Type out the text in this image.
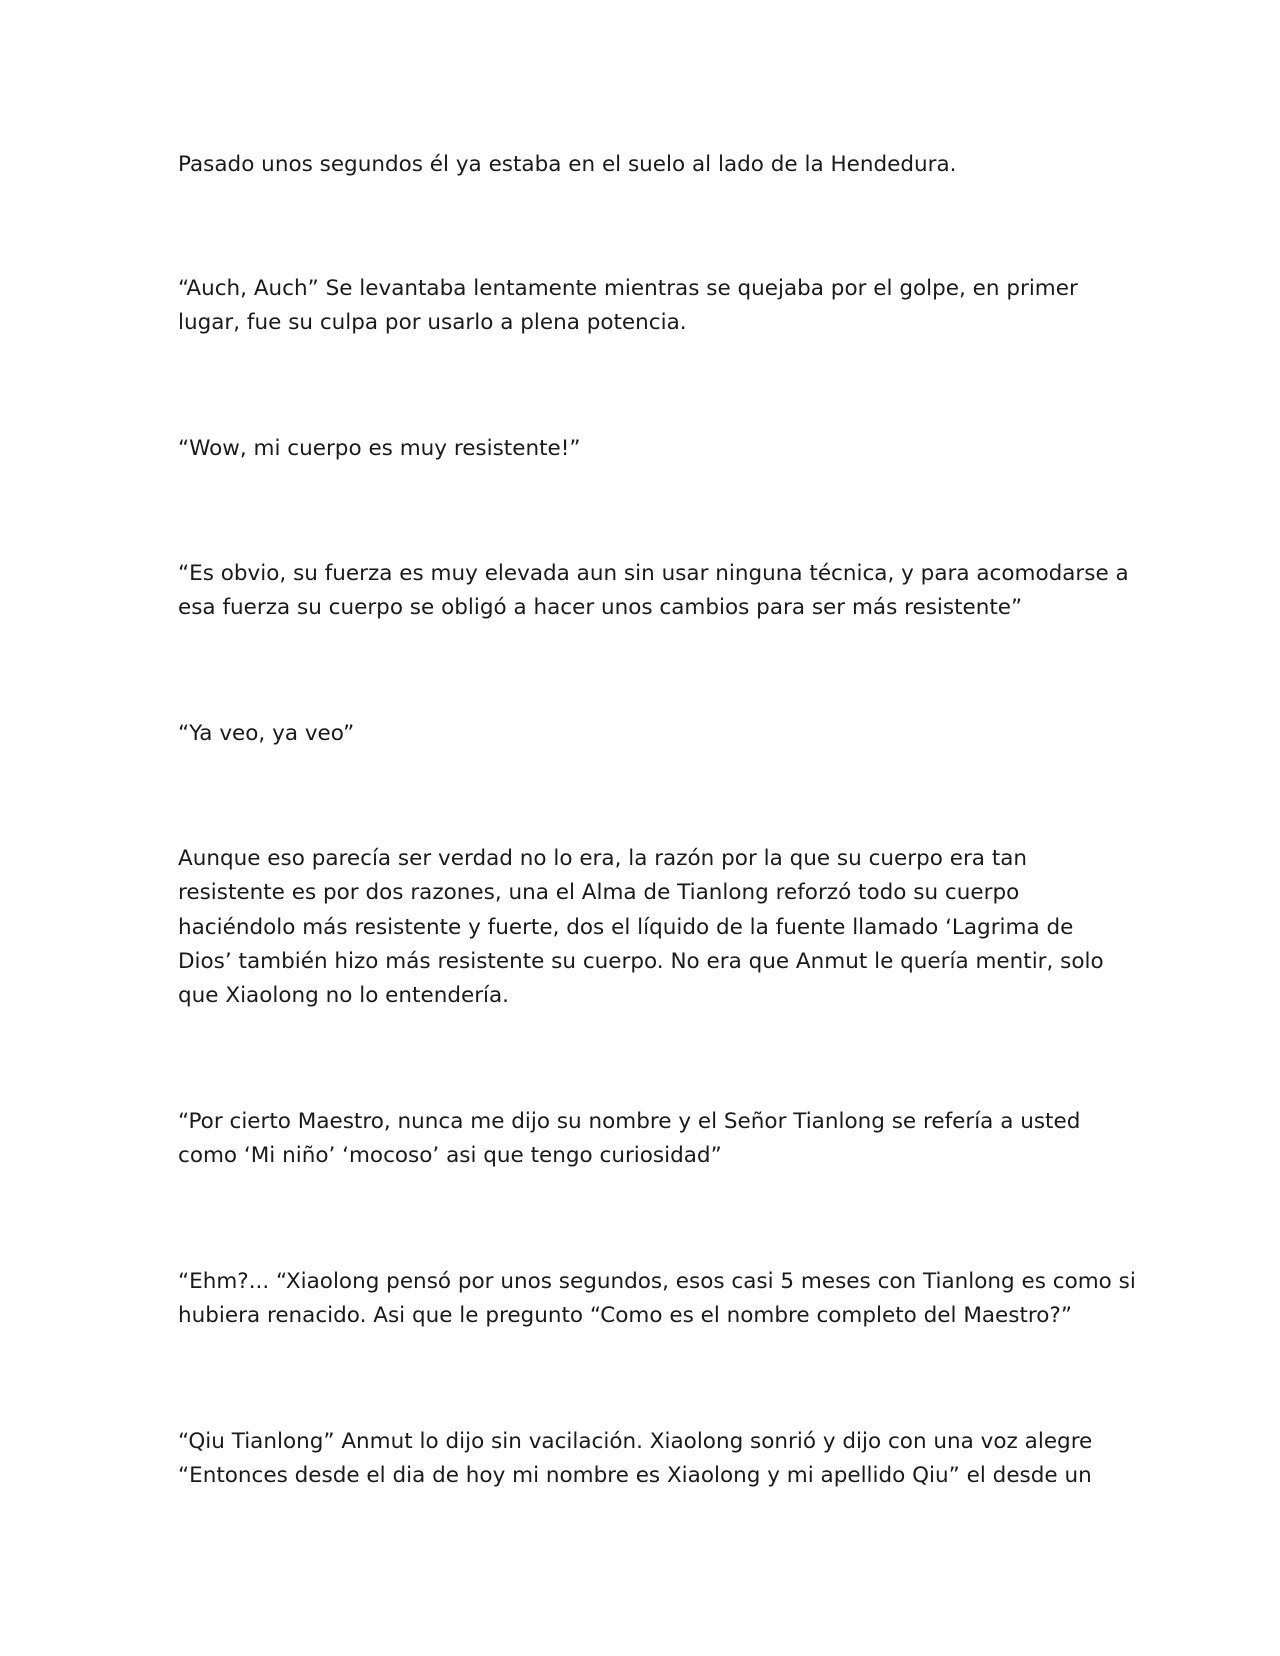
Pasado unos segundos él ya estaba en el suelo al lado de la Hendedura.

“Auch, Auch” Se levantaba lentamente mientras se quejaba por el golpe, en primer
lugar, fue su culpa por usarlo a plena potencia.

“Wow, mi cuerpo es muy resistente!”

“Es obvio, su fuerza es muy elevada aun sin usar ninguna técnica, y para acomodarse a
esa fuerza su cuerpo se obligó a hacer unos cambios para ser más resistente”

“Ya veo, ya veo”

Aunque eso parecía ser verdad no lo era, la razón por la que su cuerpo era tan
resistente es por dos razones, una el Alma de Tianlong reforzó todo su cuerpo
haciéndolo más resistente y fuerte, dos el líquido de la fuente llamado ‘Lagrima de
Dios’ también hizo más resistente su cuerpo. No era que Anmut le quería mentir, solo
que Xiaolong no lo entendería.

“Por cierto Maestro, nunca me dijo su nombre y el Señor Tianlong se refería a usted
como ‘Mi niño’ ‘mocoso’ asi que tengo curiosidad”

“Ehm?... “Xiaolong pensó por unos segundos, esos casi 5 meses con Tianlong es como si
hubiera renacido. Asi que le pregunto “Como es el nombre completo del Maestro?”

“Qiu Tianlong” Anmut lo dijo sin vacilación. Xiaolong sonrió y dijo con una voz alegre
“Entonces desde el dia de hoy mi nombre es Xiaolong y mi apellido Qiu” el desde un
